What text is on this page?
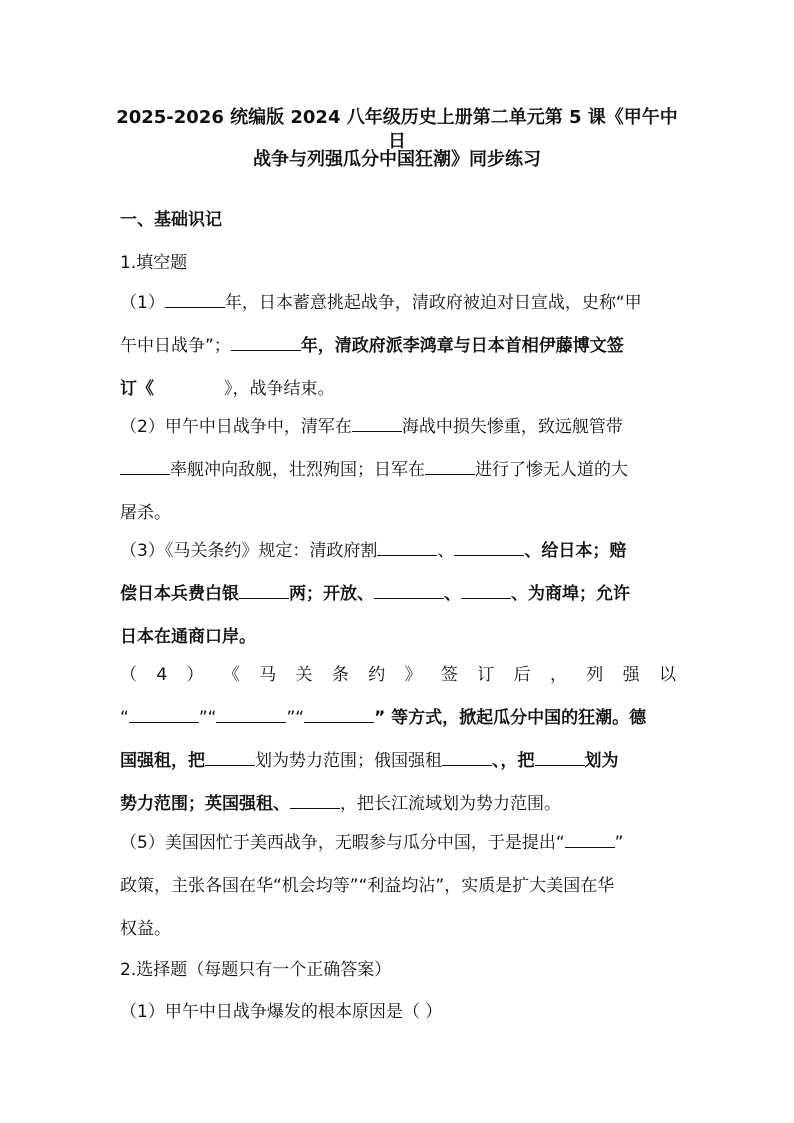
2025-2026 统编版 2024 八年级历史上册第二单元第 5 课《甲午中日
战争与列强瓜分中国狂潮》同步练习
一、基础识记
1.填空题
（1）	年，日本蓄意挑起战争，清政府被迫对日宣战，史称“甲
午中日战争”；	年，清政府派李鸿章与日本首相伊藤博文签
订《	》，战争结束。
（2）甲午中日战争中，清军在	海战中损失惨重，致远舰管带
率舰冲向敌舰，壮烈殉国；日军在	进行了惨无人道的大
屠杀。
（3）《马关条约》规定：清政府割	、	、给日本；赔
偿日本兵费白银	两；开放、	、	、为商埠；允许
日本在通商口岸。
（ 4 ） 《 马 关 条 约 》 签 订 后 ， 列 强 以
“	”“	”“	” 等方式，掀起瓜分中国的狂潮。德
国强租，把	划为势力范围；俄国强租	、，把	划为
势力范围；英国强租、	，把长江流域划为势力范围。
（5）美国因忙于美西战争，无暇参与瓜分中国，于是提出“	”
政策，主张各国在华“机会均等”“利益均沾”，实质是扩大美国在华
权益。
2.选择题（每题只有一个正确答案）
（1）甲午中日战争爆发的根本原因是（ ）
